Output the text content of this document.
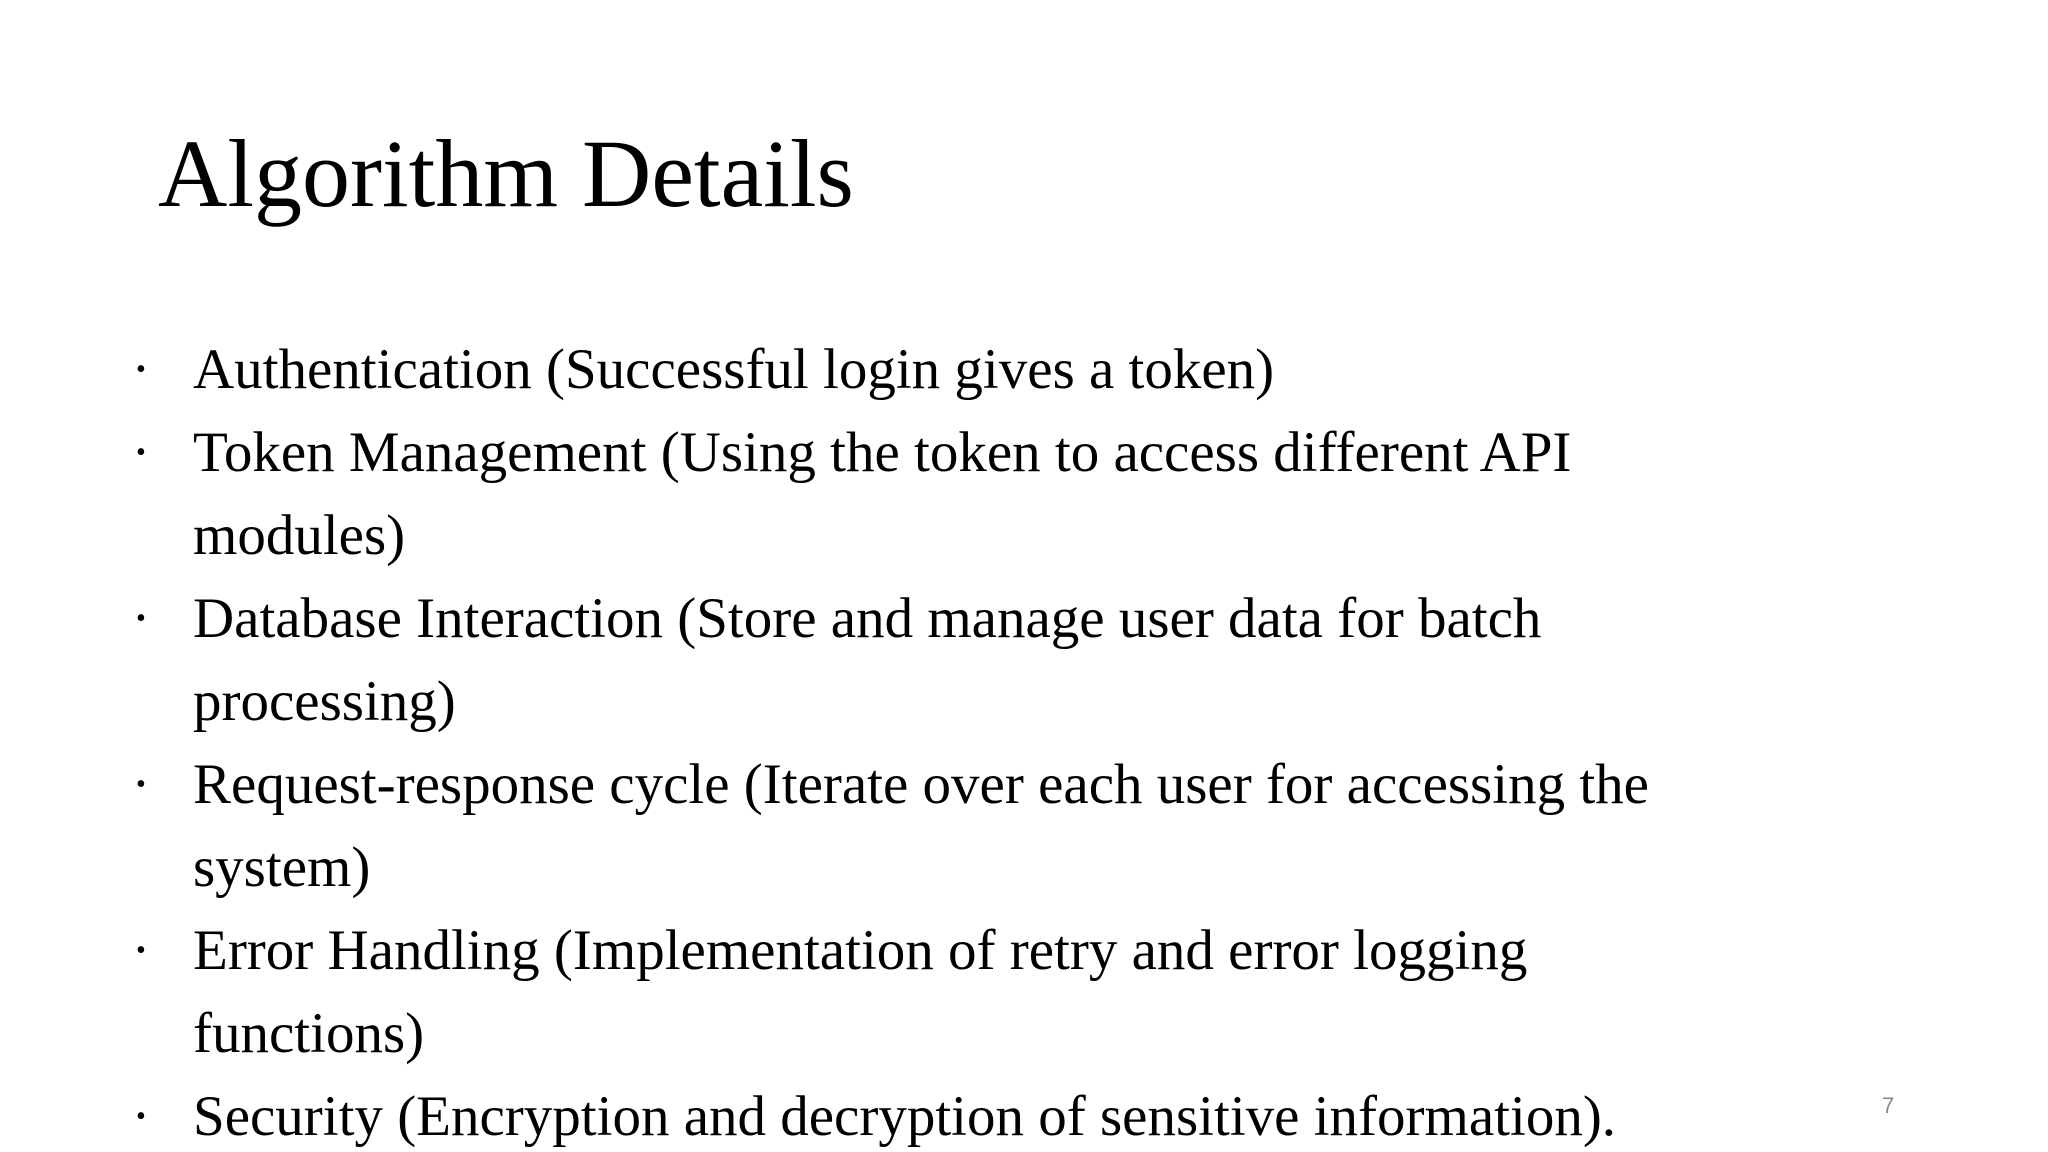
Algorithm Details
• Authentication (Successful login gives a token)
• Token Management (Using the token to access different API modules)
• Database Interaction (Store and manage user data for batch processing)
• Request-response cycle (Iterate over each user for accessing the system)
• Error Handling (Implementation of retry and error logging functions)
• Security (Encryption and decryption of sensitive information).	7
